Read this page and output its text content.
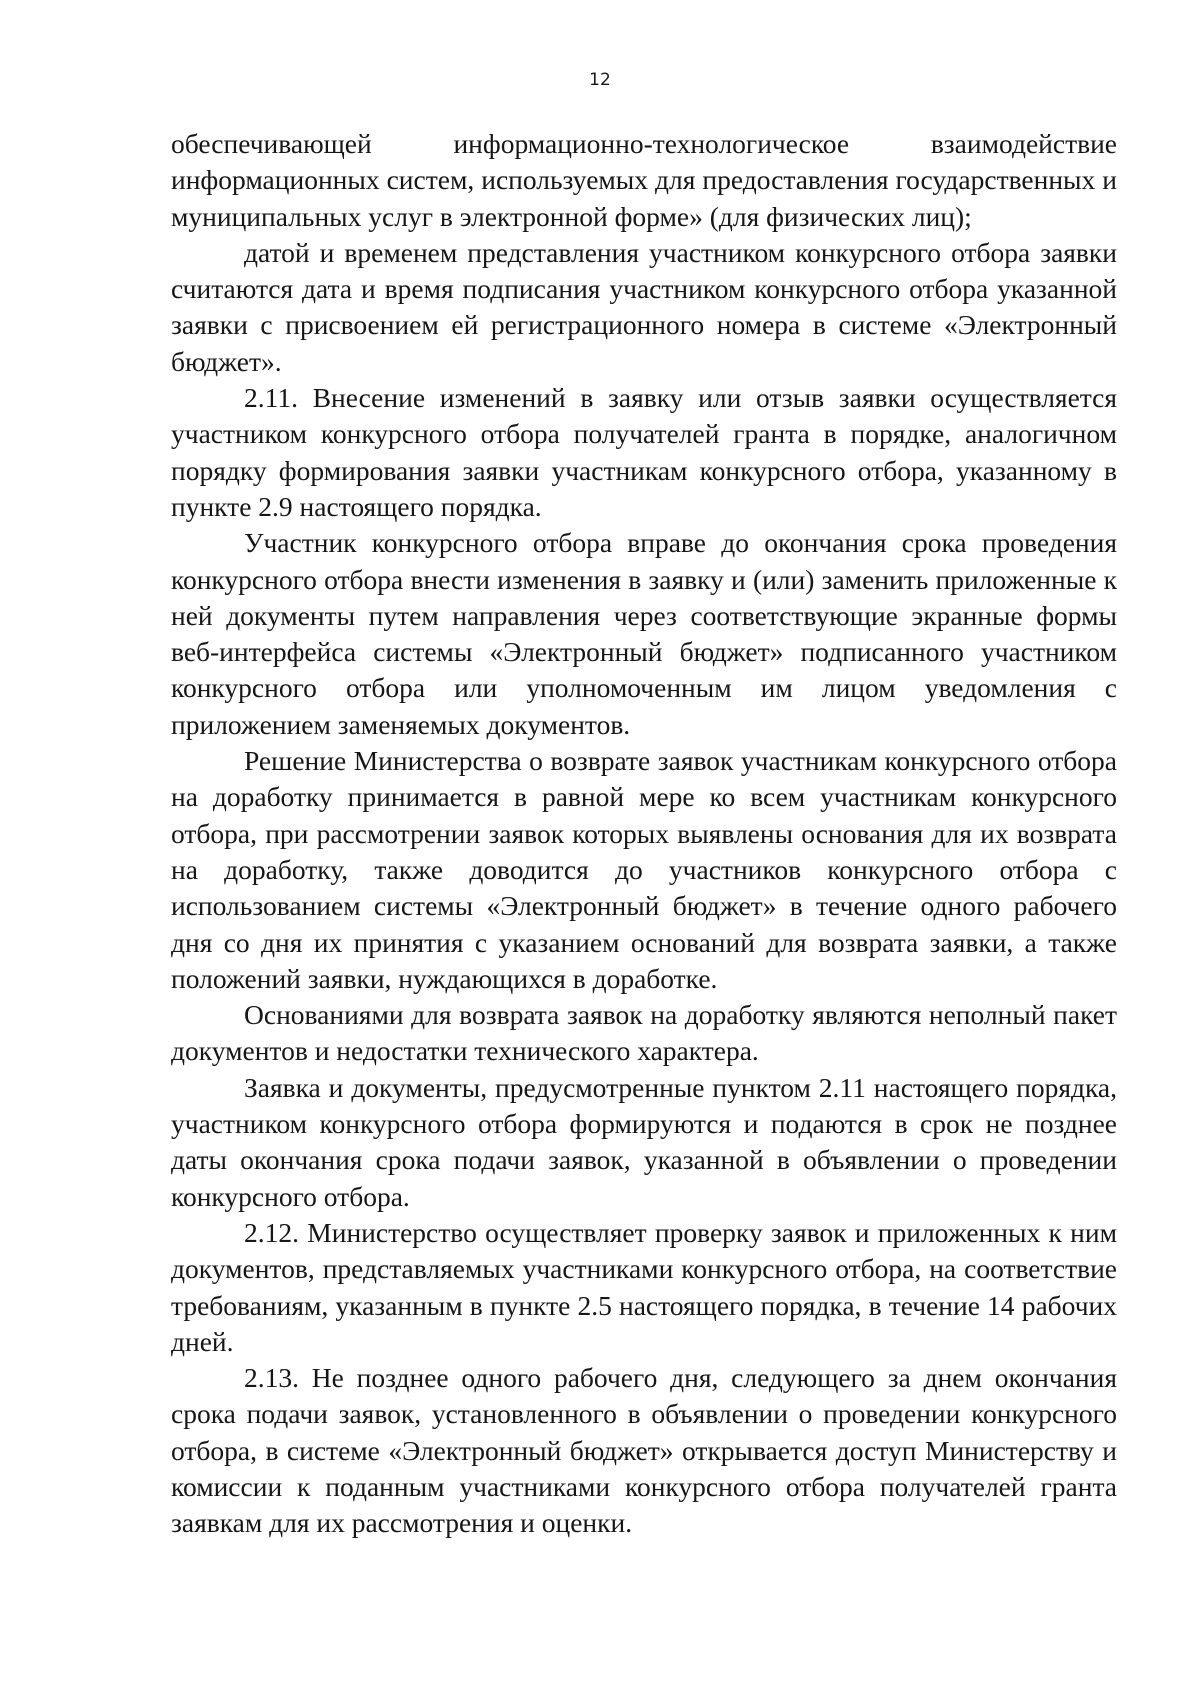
12

обеспечивающей информационно-технологическое взаимодействие информационных систем, используемых для предоставления государственных и муниципальных услуг в электронной форме» (для физических лиц);

датой и временем представления участником конкурсного отбора заявки считаются дата и время подписания участником конкурсного отбора указанной заявки с присвоением ей регистрационного номера в системе «Электронный бюджет».

2.11. Внесение изменений в заявку или отзыв заявки осуществляется участником конкурсного отбора получателей гранта в порядке, аналогичном порядку формирования заявки участникам конкурсного отбора, указанному в пункте 2.9 настоящего порядка.

Участник конкурсного отбора вправе до окончания срока проведения конкурсного отбора внести изменения в заявку и (или) заменить приложенные к ней документы путем направления через соответствующие экранные формы веб-интерфейса системы «Электронный бюджет» подписанного участником конкурсного отбора или уполномоченным им лицом уведомления с приложением заменяемых документов.

Решение Министерства о возврате заявок участникам конкурсного отбора на доработку принимается в равной мере ко всем участникам конкурсного отбора, при рассмотрении заявок которых выявлены основания для их возврата на доработку, также доводится до участников конкурсного отбора с использованием системы «Электронный бюджет» в течение одного рабочего дня со дня их принятия с указанием оснований для возврата заявки, а также положений заявки, нуждающихся в доработке.

Основаниями для возврата заявок на доработку являются неполный пакет документов и недостатки технического характера.

Заявка и документы, предусмотренные пунктом 2.11 настоящего порядка, участником конкурсного отбора формируются и подаются в срок не позднее даты окончания срока подачи заявок, указанной в объявлении о проведении конкурсного отбора.

2.12. Министерство осуществляет проверку заявок и приложенных к ним документов, представляемых участниками конкурсного отбора, на соответствие требованиям, указанным в пункте 2.5 настоящего порядка, в течение 14 рабочих дней.

2.13. Не позднее одного рабочего дня, следующего за днем окончания срока подачи заявок, установленного в объявлении о проведении конкурсного отбора, в системе «Электронный бюджет» открывается доступ Министерству и комиссии к поданным участниками конкурсного отбора получателей гранта заявкам для их рассмотрения и оценки.
